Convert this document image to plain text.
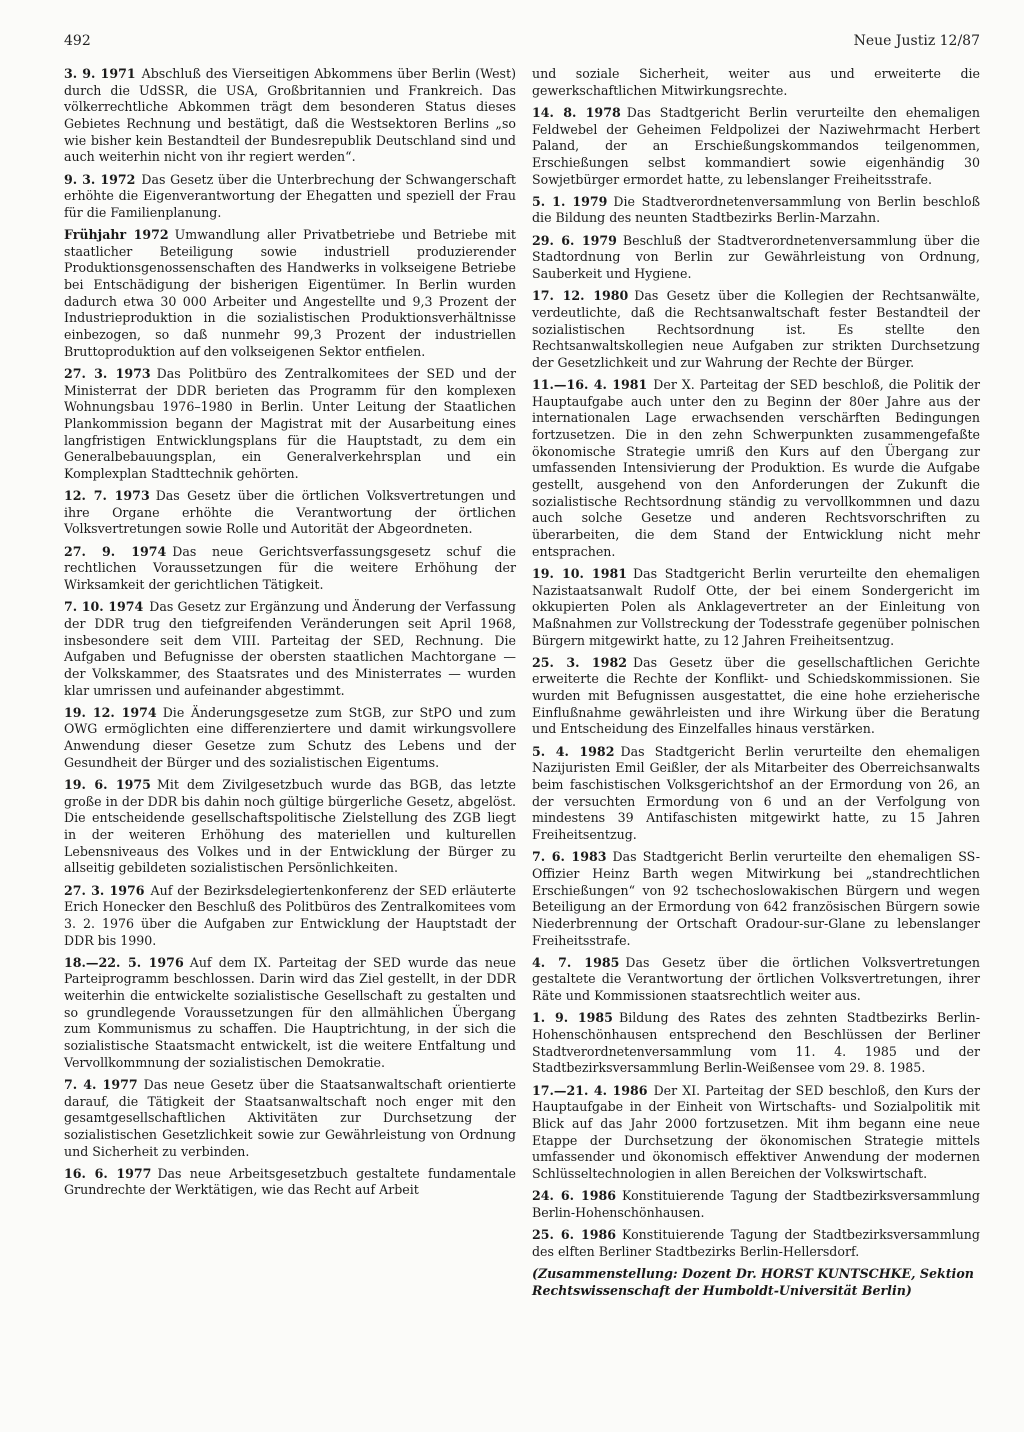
492	Neue Justiz 12/87

3. 9. 1971 Abschluß des Vierseitigen Abkommens über Berlin (West) durch die UdSSR, die USA, Großbritannien und Frankreich. Das völkerrechtliche Abkommen trägt dem besonderen Status dieses Gebietes Rechnung und bestätigt, daß die Westsektoren Berlins „so wie bisher kein Bestandteil der Bundesrepublik Deutschland sind und auch weiterhin nicht von ihr regiert werden“.

9. 3. 1972 Das Gesetz über die Unterbrechung der Schwangerschaft erhöhte die Eigenverantwortung der Ehegatten und speziell der Frau für die Familienplanung.

Frühjahr 1972 Umwandlung aller Privatbetriebe und Betriebe mit staatlicher Beteiligung sowie industriell produzierender Produktionsgenossenschaften des Handwerks in volkseigene Betriebe bei Entschädigung der bisherigen Eigentümer. In Berlin wurden dadurch etwa 30 000 Arbeiter und Angestellte und 9,3 Prozent der Industrieproduktion in die sozialistischen Produktionsverhältnisse einbezogen, so daß nunmehr 99,3 Prozent der industriellen Bruttoproduktion auf den volkseigenen Sektor entfielen.

27. 3. 1973 Das Politbüro des Zentralkomitees der SED und der Ministerrat der DDR berieten das Programm für den komplexen Wohnungsbau 1976–1980 in Berlin. Unter Leitung der Staatlichen Plankommission begann der Magistrat mit der Ausarbeitung eines langfristigen Entwicklungsplans für die Hauptstadt, zu dem ein Generalbebauungsplan, ein Generalverkehrsplan und ein Komplexplan Stadttechnik gehörten.

12. 7. 1973 Das Gesetz über die örtlichen Volksvertretungen und ihre Organe erhöhte die Verantwortung der örtlichen Volksvertretungen sowie Rolle und Autorität der Abgeordneten.

27. 9. 1974 Das neue Gerichtsverfassungsgesetz schuf die rechtlichen Voraussetzungen für die weitere Erhöhung der Wirksamkeit der gerichtlichen Tätigkeit.

7. 10. 1974 Das Gesetz zur Ergänzung und Änderung der Verfassung der DDR trug den tiefgreifenden Veränderungen seit April 1968, insbesondere seit dem VIII. Parteitag der SED, Rechnung. Die Aufgaben und Befugnisse der obersten staatlichen Machtorgane — der Volkskammer, des Staatsrates und des Ministerrates — wurden klar umrissen und aufeinander abgestimmt.

19. 12. 1974 Die Änderungsgesetze zum StGB, zur StPO und zum OWG ermöglichten eine differenziertere und damit wirkungsvollere Anwendung dieser Gesetze zum Schutz des Lebens und der Gesundheit der Bürger und des sozialistischen Eigentums.

19. 6. 1975 Mit dem Zivilgesetzbuch wurde das BGB, das letzte große in der DDR bis dahin noch gültige bürgerliche Gesetz, abgelöst. Die entscheidende gesellschaftspolitische Zielstellung des ZGB liegt in der weiteren Erhöhung des materiellen und kulturellen Lebensniveaus des Volkes und in der Entwicklung der Bürger zu allseitig gebildeten sozialistischen Persönlichkeiten.

27. 3. 1976 Auf der Bezirksdelegiertenkonferenz der SED erläuterte Erich Honecker den Beschluß des Politbüros des Zentralkomitees vom 3. 2. 1976 über die Aufgaben zur Entwicklung der Hauptstadt der DDR bis 1990.

18.—22. 5. 1976 Auf dem IX. Parteitag der SED wurde das neue Parteiprogramm beschlossen. Darin wird das Ziel gestellt, in der DDR weiterhin die entwickelte sozialistische Gesellschaft zu gestalten und so grundlegende Voraussetzungen für den allmählichen Übergang zum Kommunismus zu schaffen. Die Hauptrichtung, in der sich die sozialistische Staatsmacht entwickelt, ist die weitere Entfaltung und Vervollkommnung der sozialistischen Demokratie.

7. 4. 1977 Das neue Gesetz über die Staatsanwaltschaft orientierte darauf, die Tätigkeit der Staatsanwaltschaft noch enger mit den gesamtgesellschaftlichen Aktivitäten zur Durchsetzung der sozialistischen Gesetzlichkeit sowie zur Gewährleistung von Ordnung und Sicherheit zu verbinden.

16. 6. 1977 Das neue Arbeitsgesetzbuch gestaltete fundamentale Grundrechte der Werktätigen, wie das Recht auf Arbeit

und soziale Sicherheit, weiter aus und erweiterte die gewerkschaftlichen Mitwirkungsrechte.

14. 8. 1978 Das Stadtgericht Berlin verurteilte den ehemaligen Feldwebel der Geheimen Feldpolizei der Naziwehrmacht Herbert Paland, der an Erschießungskommandos teilgenommen, Erschießungen selbst kommandiert sowie eigenhändig 30 Sowjetbürger ermordet hatte, zu lebenslanger Freiheitsstrafe.

5. 1. 1979 Die Stadtverordnetenversammlung von Berlin beschloß die Bildung des neunten Stadtbezirks Berlin-Marzahn.

29. 6. 1979 Beschluß der Stadtverordnetenversammlung über die Stadtordnung von Berlin zur Gewährleistung von Ordnung, Sauberkeit und Hygiene.

17. 12. 1980 Das Gesetz über die Kollegien der Rechtsanwälte, verdeutlichte, daß die Rechtsanwaltschaft fester Bestandteil der sozialistischen Rechtsordnung ist. Es stellte den Rechtsanwaltskollegien neue Aufgaben zur strikten Durchsetzung der Gesetzlichkeit und zur Wahrung der Rechte der Bürger.

11.—16. 4. 1981 Der X. Parteitag der SED beschloß, die Politik der Hauptaufgabe auch unter den zu Beginn der 80er Jahre aus der internationalen Lage erwachsenden verschärften Bedingungen fortzusetzen. Die in den zehn Schwerpunkten zusammengefaßte ökonomische Strategie umriß den Kurs auf den Übergang zur umfassenden Intensivierung der Produktion. Es wurde die Aufgabe gestellt, ausgehend von den Anforderungen der Zukunft die sozialistische Rechtsordnung ständig zu vervollkommnen und dazu auch solche Gesetze und anderen Rechtsvorschriften zu überarbeiten, die dem Stand der Entwicklung nicht mehr entsprachen.

19. 10. 1981 Das Stadtgericht Berlin verurteilte den ehemaligen Nazistaatsanwalt Rudolf Otte, der bei einem Sondergericht im okkupierten Polen als Anklagevertreter an der Einleitung von Maßnahmen zur Vollstreckung der Todesstrafe gegenüber polnischen Bürgern mitgewirkt hatte, zu 12 Jahren Freiheitsentzug.

25. 3. 1982 Das Gesetz über die gesellschaftlichen Gerichte erweiterte die Rechte der Konflikt- und Schiedskommissionen. Sie wurden mit Befugnissen ausgestattet, die eine hohe erzieherische Einflußnahme gewährleisten und ihre Wirkung über die Beratung und Entscheidung des Einzelfalles hinaus verstärken.

5. 4. 1982 Das Stadtgericht Berlin verurteilte den ehemaligen Nazijuristen Emil Geißler, der als Mitarbeiter des Oberreichsanwalts beim faschistischen Volksgerichtshof an der Ermordung von 26, an der versuchten Ermordung von 6 und an der Verfolgung von mindestens 39 Antifaschisten mitgewirkt hatte, zu 15 Jahren Freiheitsentzug.

7. 6. 1983 Das Stadtgericht Berlin verurteilte den ehemaligen SS-Offizier Heinz Barth wegen Mitwirkung bei „standrechtlichen Erschießungen“ von 92 tschechoslowakischen Bürgern und wegen Beteiligung an der Ermordung von 642 französischen Bürgern sowie Niederbrennung der Ortschaft Oradour-sur-Glane zu lebenslanger Freiheitsstrafe.

4. 7. 1985 Das Gesetz über die örtlichen Volksvertretungen gestaltete die Verantwortung der örtlichen Volksvertretungen, ihrer Räte und Kommissionen staatsrechtlich weiter aus.

1. 9. 1985 Bildung des Rates des zehnten Stadtbezirks Berlin-Hohenschönhausen entsprechend den Beschlüssen der Berliner Stadtverordnetenversammlung vom 11. 4. 1985 und der Stadtbezirksversammlung Berlin-Weißensee vom 29. 8. 1985.

17.—21. 4. 1986 Der XI. Parteitag der SED beschloß, den Kurs der Hauptaufgabe in der Einheit von Wirtschafts- und Sozialpolitik mit Blick auf das Jahr 2000 fortzusetzen. Mit ihm begann eine neue Etappe der Durchsetzung der ökonomischen Strategie mittels umfassender und ökonomisch effektiver Anwendung der modernen Schlüsseltechnologien in allen Bereichen der Volkswirtschaft.

24. 6. 1986 Konstituierende Tagung der Stadtbezirksversammlung Berlin-Hohenschönhausen.

25. 6. 1986 Konstituierende Tagung der Stadtbezirksversammlung des elften Berliner Stadtbezirks Berlin-Hellersdorf.

(Zusammenstellung: Dozent Dr. HORST KUNTSCHKE, Sektion Rechtswissenschaft der Humboldt-Universität Berlin)
